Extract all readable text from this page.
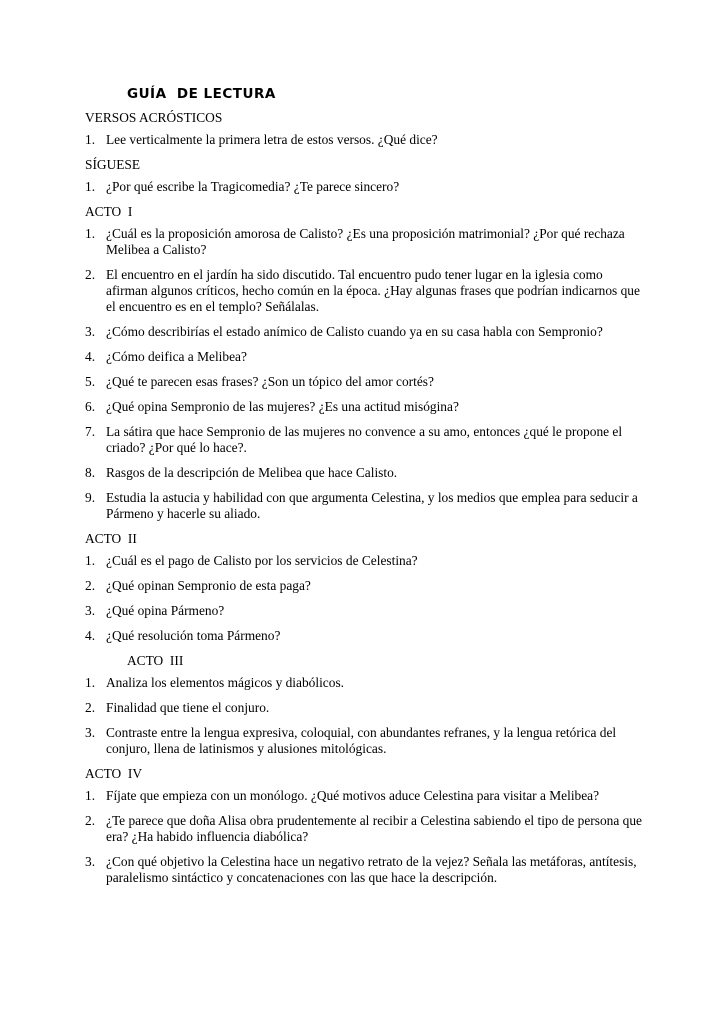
GUÍA  DE LECTURA
VERSOS ACRÓSTICOS
1. Lee verticalmente la primera letra de estos versos. ¿Qué dice?
SÍGUESE
1. ¿Por qué escribe la Tragicomedia? ¿Te parece sincero?
ACTO  I
1. ¿Cuál es la proposición amorosa de Calisto? ¿Es una proposición matrimonial? ¿Por qué rechaza Melibea a Calisto?
2. El encuentro en el jardín ha sido discutido. Tal encuentro pudo tener lugar en la iglesia como afirman algunos críticos, hecho común en la época. ¿Hay algunas frases que podrían indicarnos que el encuentro es en el templo? Señálalas.
3. ¿Cómo describirías el estado anímico de Calisto cuando ya en su casa habla con Sempronio?
4. ¿Cómo deifica a Melibea?
5. ¿Qué te parecen esas frases? ¿Son un tópico del amor cortés?
6. ¿Qué opina Sempronio de las mujeres? ¿Es una actitud misógina?
7. La sátira que hace Sempronio de las mujeres no convence a su amo, entonces ¿qué le propone el criado? ¿Por qué lo hace?.
8. Rasgos de la descripción de Melibea que hace Calisto.
9. Estudia la astucia y habilidad con que argumenta Celestina, y los medios que emplea para seducir a Pármeno y hacerle su aliado.
ACTO  II
1. ¿Cuál es el pago de Calisto por los servicios de Celestina?
2. ¿Qué opinan Sempronio de esta paga?
3. ¿Qué opina Pármeno?
4. ¿Qué resolución toma Pármeno?
ACTO  III
1. Analiza los elementos mágicos y diabólicos.
2. Finalidad que tiene el conjuro.
3. Contraste entre la lengua expresiva, coloquial, con abundantes refranes, y la lengua retórica del conjuro, llena de latinismos y alusiones mitológicas.
ACTO  IV
1. Fíjate que empieza con un monólogo. ¿Qué motivos aduce Celestina para visitar a Melibea?
2. ¿Te parece que doña Alisa obra prudentemente al recibir a Celestina sabiendo el tipo de persona que era? ¿Ha habido influencia diabólica?
3. ¿Con qué objetivo la Celestina hace un negativo retrato de la vejez? Señala las metáforas, antítesis, paralelismo sintáctico y concatenaciones con las que hace la descripción.
